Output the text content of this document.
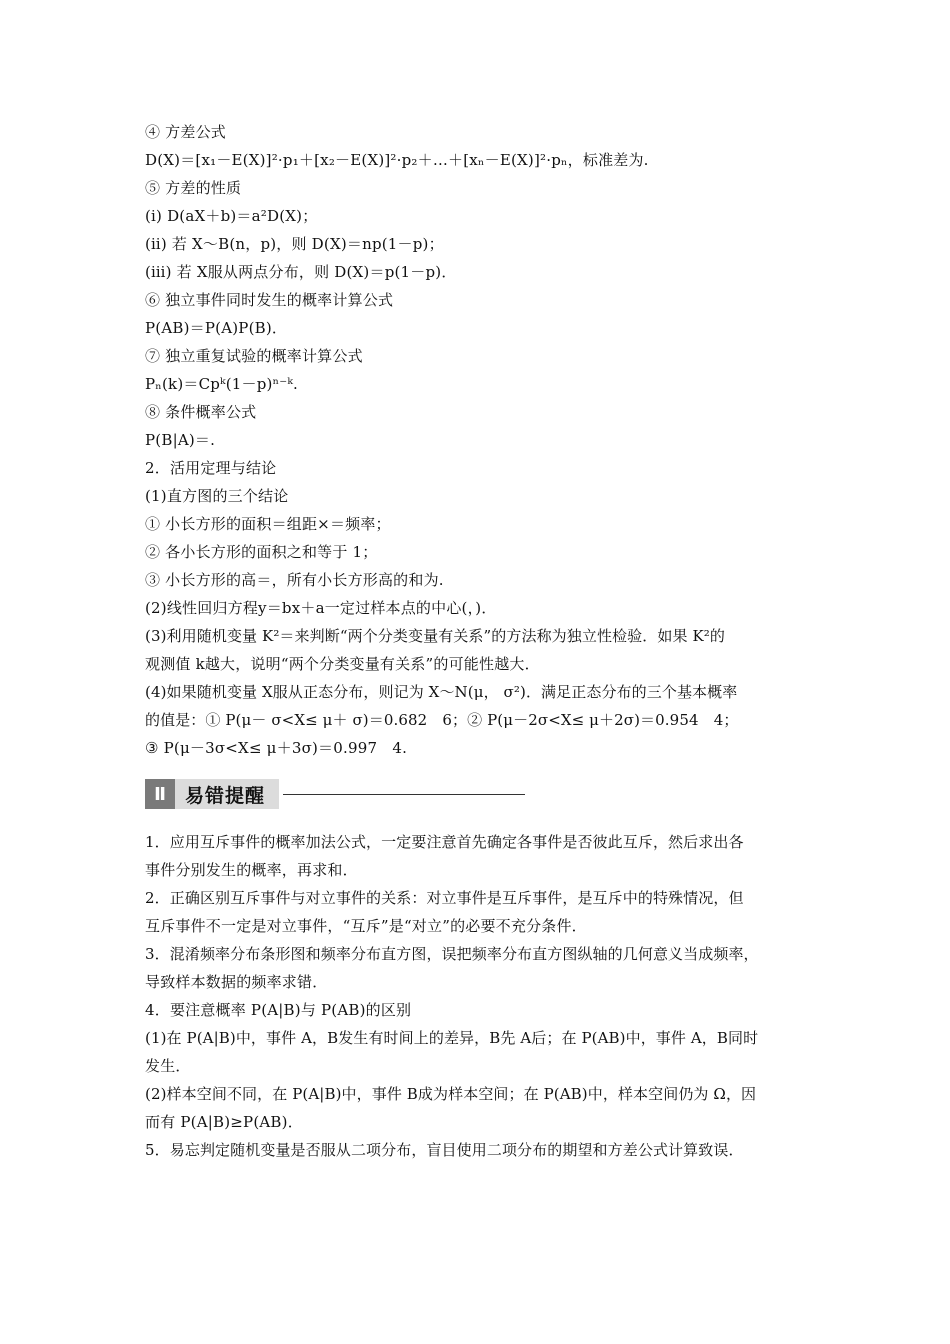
④ 方差公式
D(X)＝[x₁－E(X)]²·p₁＋[x₂－E(X)]²·p₂＋…＋[xₙ－E(X)]²·pₙ，标准差为.
⑤ 方差的性质
(ⅰ) D(aX＋b)＝a²D(X)；
(ⅱ) 若 X～B(n，p)，则 D(X)＝np(1－p)；
(ⅲ) 若 X服从两点分布，则 D(X)＝p(1－p)．
⑥ 独立事件同时发生的概率计算公式
P(AB)＝P(A)P(B)．
⑦ 独立重复试验的概率计算公式
Pₙ(k)＝Cpᵏ(1－p)ⁿ⁻ᵏ.
⑧ 条件概率公式
P(B|A)＝.
2．活用定理与结论
(1)直方图的三个结论
① 小长方形的面积＝组距×＝频率；
② 各小长方形的面积之和等于 1；
③ 小长方形的高＝，所有小长方形高的和为.
(2)线性回归方程y＝bx＋a一定过样本点的中心(，)．
(3)利用随机变量 K²＝来判断“两个分类变量有关系”的方法称为独立性检验．如果 K²的
观测值 k越大，说明“两个分类变量有关系”的可能性越大．
(4)如果随机变量 X服从正态分布，则记为 X～N(μ， σ²)．满足正态分布的三个基本概率
的值是：① P(μ－ σ<X≤ μ＋ σ)＝0.682　6；② P(μ－2σ<X≤ μ＋2σ)＝0.954　4；
③ P(μ－3σ<X≤ μ＋3σ)＝0.997　4.
Ⅱ	易错提醒
1．应用互斥事件的概率加法公式，一定要注意首先确定各事件是否彼此互斥，然后求出各
事件分别发生的概率，再求和．
2．正确区别互斥事件与对立事件的关系：对立事件是互斥事件，是互斥中的特殊情况，但
互斥事件不一定是对立事件，“互斥”是“对立”的必要不充分条件．
3．混淆频率分布条形图和频率分布直方图，误把频率分布直方图纵轴的几何意义当成频率，
导致样本数据的频率求错．
4．要注意概率 P(A|B)与 P(AB)的区别
(1)在 P(A|B)中，事件 A，B发生有时间上的差异，B先 A后；在 P(AB)中，事件 A，B同时
发生．
(2)样本空间不同，在 P(A|B)中，事件 B成为样本空间；在 P(AB)中，样本空间仍为 Ω，因
而有 P(A|B)≥P(AB)．
5．易忘判定随机变量是否服从二项分布，盲目使用二项分布的期望和方差公式计算致误．
